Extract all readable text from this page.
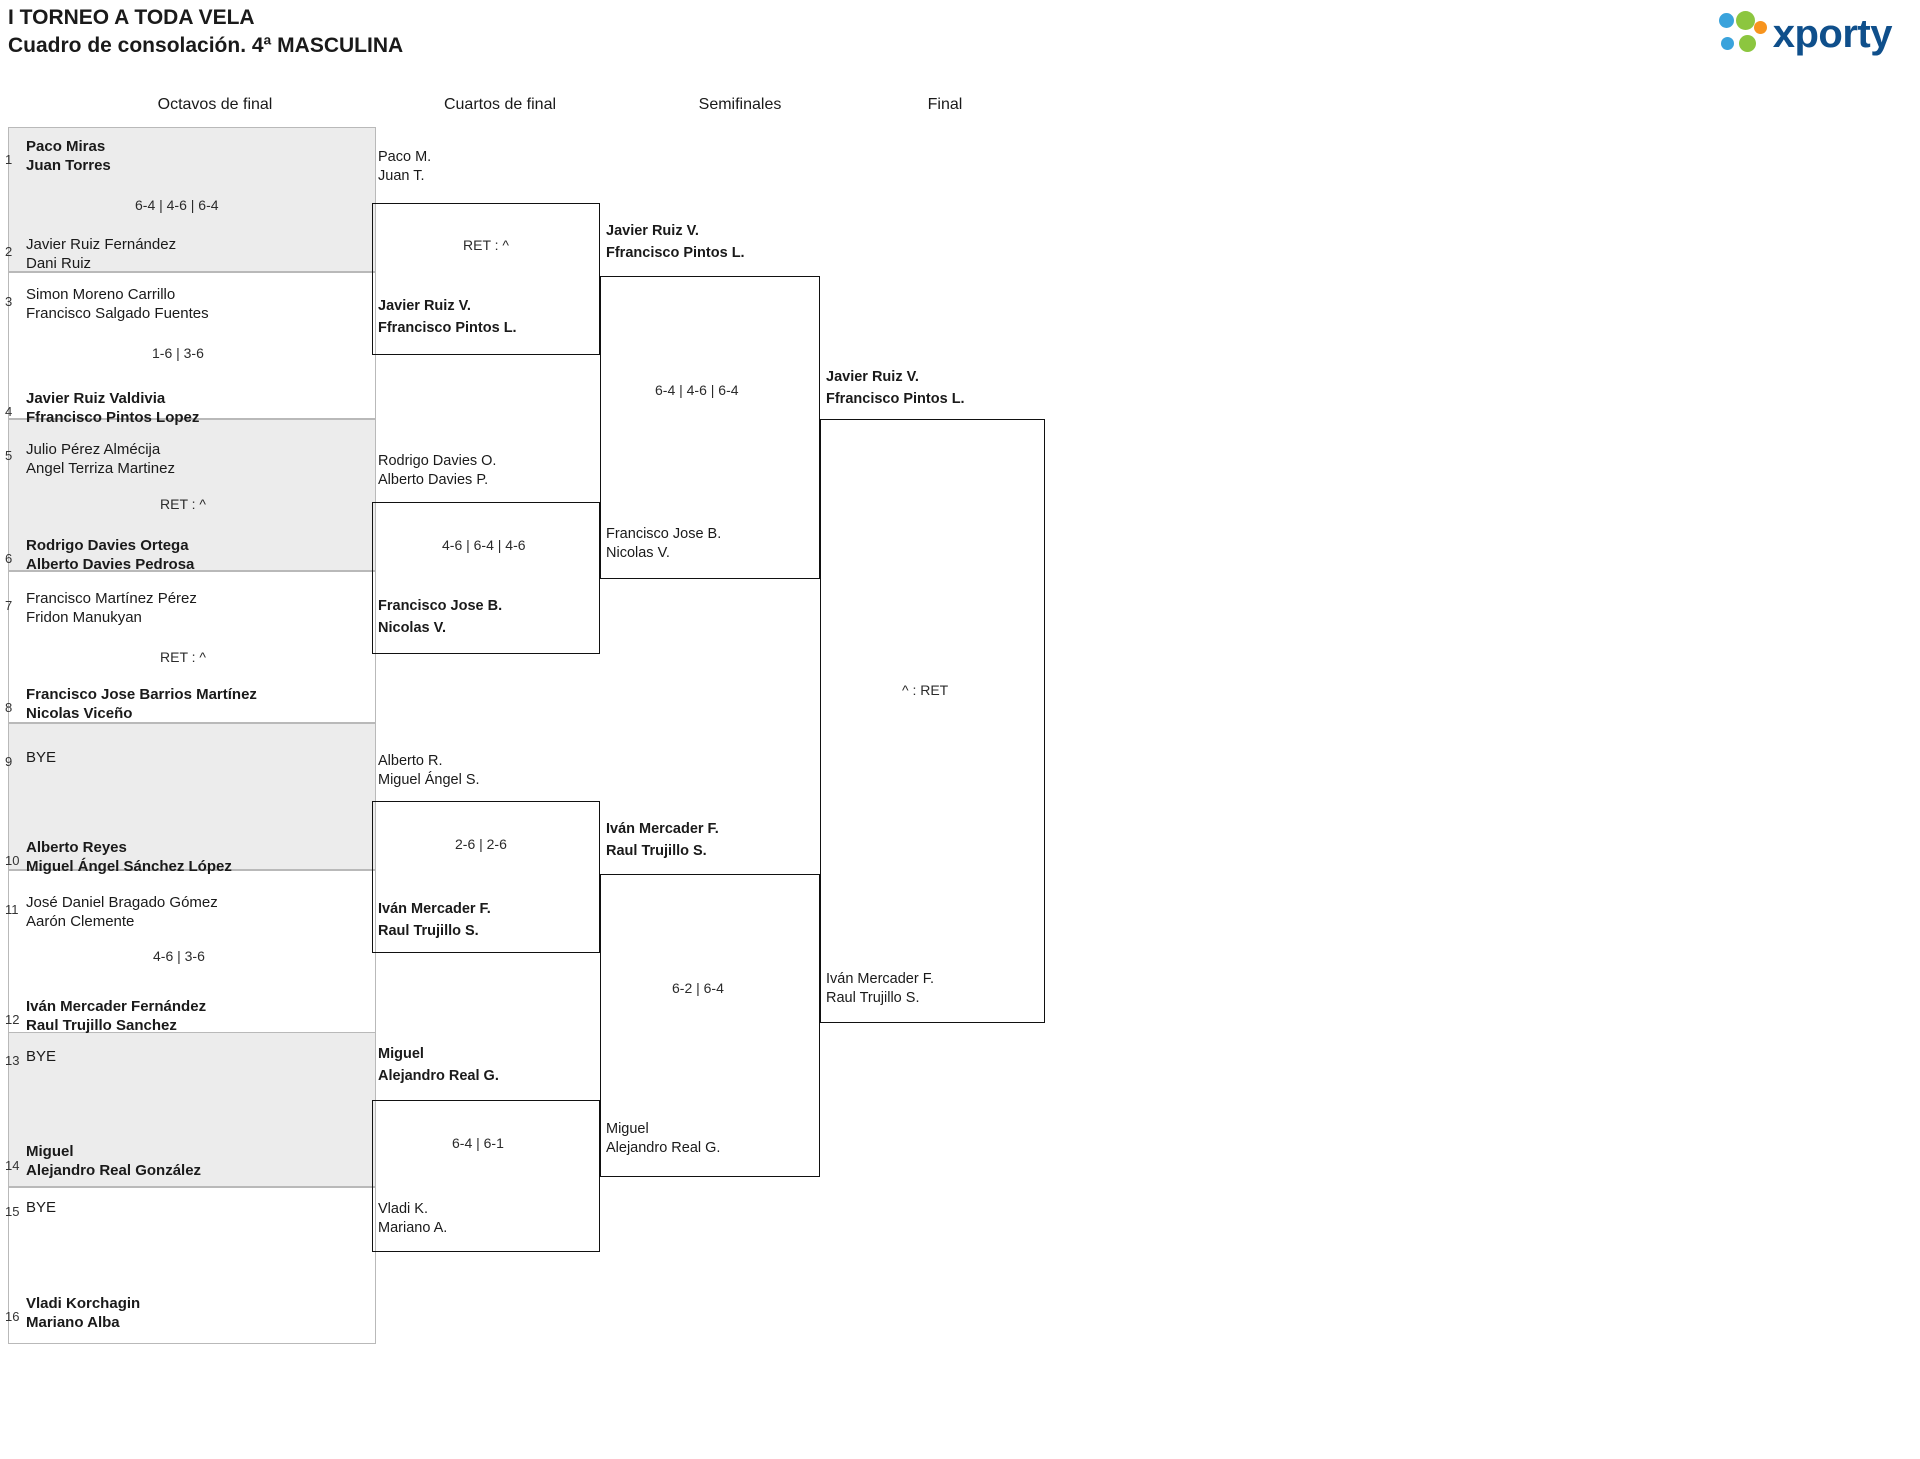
I TORNEO A TODA VELA
Cuadro de consolación. 4ª MASCULINA	xporty
Octavos de final	Cuartos de final	Semifinales	Final
1
Paco Miras
Juan Torres
2 Javier Ruiz Fernández
Dani Ruiz
3 Simon Moreno Carrillo
Francisco Salgado Fuentes
4
Javier Ruiz Valdivia
Ffrancisco Pintos Lopez
5 Julio Pérez Almécija
Angel Terriza Martinez
6
Rodrigo Davies Ortega
Alberto Davies Pedrosa
7 Francisco Martínez Pérez
Fridon Manukyan
8
Francisco Jose Barrios Martínez
Nicolas Viceño
9 BYE
10
Alberto Reyes
Miguel Ángel Sánchez López
11 José Daniel Bragado Gómez
Aarón Clemente
12
Iván Mercader Fernández
Raul Trujillo Sanchez
13 BYE
14
Miguel
Alejandro Real González
15 BYE
16
Vladi Korchagin
Mariano Alba
6-4 | 4-6 | 6-4
1-6 | 3-6
RET : ^
RET : ^
4-6 | 3-6
Paco M.
Juan T.
Javier Ruiz V.
Ffrancisco Pintos L.
RET : ^
Rodrigo Davies O.
Alberto Davies P.
Francisco Jose B.
Nicolas V.
4-6 | 6-4 | 4-6
Alberto R.
Miguel Ángel S.
Iván Mercader F.
Raul Trujillo S.
2-6 | 2-6
Miguel
Alejandro Real G.
Vladi K.
Mariano A.
6-4 | 6-1
Javier Ruiz V.
Ffrancisco Pintos L.
Francisco Jose B.
Nicolas V.
6-4 | 4-6 | 6-4
Iván Mercader F.
Raul Trujillo S.
Miguel
Alejandro Real G.
6-2 | 6-4
Javier Ruiz V.
Ffrancisco Pintos L.
Iván Mercader F.
Raul Trujillo S.
^ : RET
